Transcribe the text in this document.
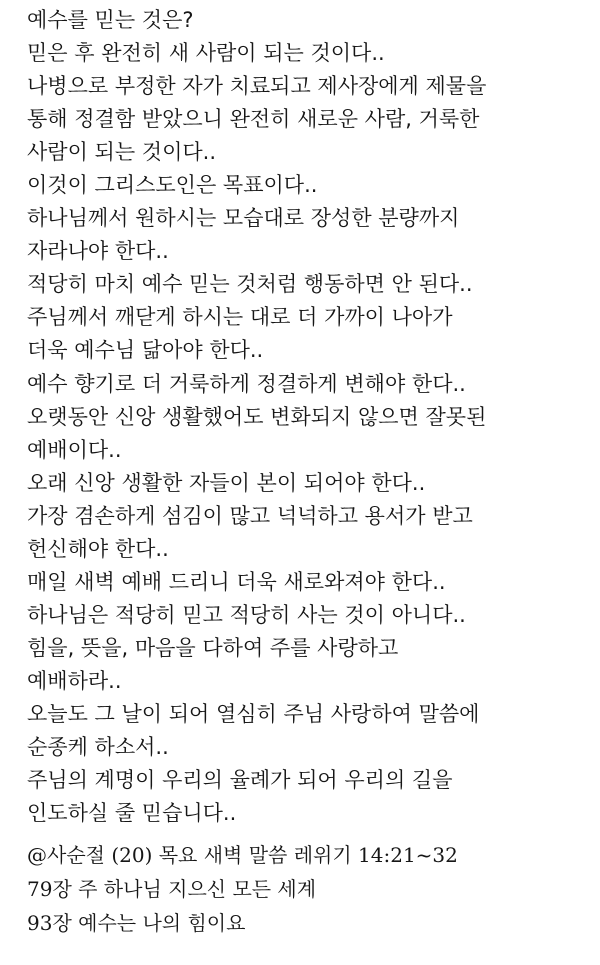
예수를 믿는 것은?
믿은 후 완전히 새 사람이 되는 것이다..
나병으로 부정한 자가 치료되고 제사장에게 제물을
통해 정결함 받았으니 완전히 새로운 사람, 거룩한
사람이 되는 것이다..
이것이 그리스도인은 목표이다..
하나님께서 원하시는 모습대로 장성한 분량까지
자라나야 한다..
적당히 마치 예수 믿는 것처럼 행동하면 안 된다..
주님께서 깨닫게 하시는 대로 더 가까이 나아가
더욱 예수님 닮아야 한다..
예수 향기로 더 거룩하게 정결하게 변해야 한다..
오랫동안 신앙 생활했어도 변화되지 않으면 잘못된
예배이다..
오래 신앙 생활한 자들이 본이 되어야 한다..
가장 겸손하게 섬김이 많고 넉넉하고 용서가 받고
헌신해야 한다..
매일 새벽 예배 드리니 더욱 새로와져야 한다..
하나님은 적당히 믿고 적당히 사는 것이 아니다..
힘을, 뜻을, 마음을 다하여 주를 사랑하고
예배하라..
오늘도 그 날이 되어 열심히 주님 사랑하여 말씀에
순종케 하소서..
주님의 계명이 우리의 율례가 되어 우리의 길을
인도하실 줄 믿습니다..
@사순절 (20) 목요 새벽 말씀 레위기 14:21~32
79장 주 하나님 지으신 모든 세계
93장 예수는 나의 힘이요
